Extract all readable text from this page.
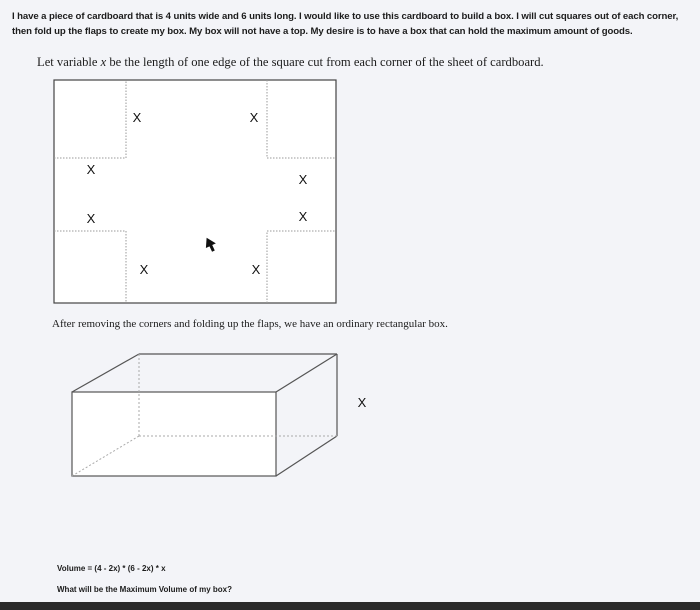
I have a piece of cardboard that is 4 units wide and 6 units long. I would like to use this cardboard to build a box. I will cut squares out of each corner, then fold up the flaps to create my box. My box will not have a top. My desire is to have a box that can hold the maximum amount of goods.
Let variable x be the length of one edge of the square cut from each corner of the sheet of cardboard.
X	X
X
X
X	X
X	X
X
After removing the corners and folding up the flaps, we have an ordinary rectangular box.
Volume = (4 - 2x) * (6 - 2x) * x
What will be the Maximum Volume of my box?
